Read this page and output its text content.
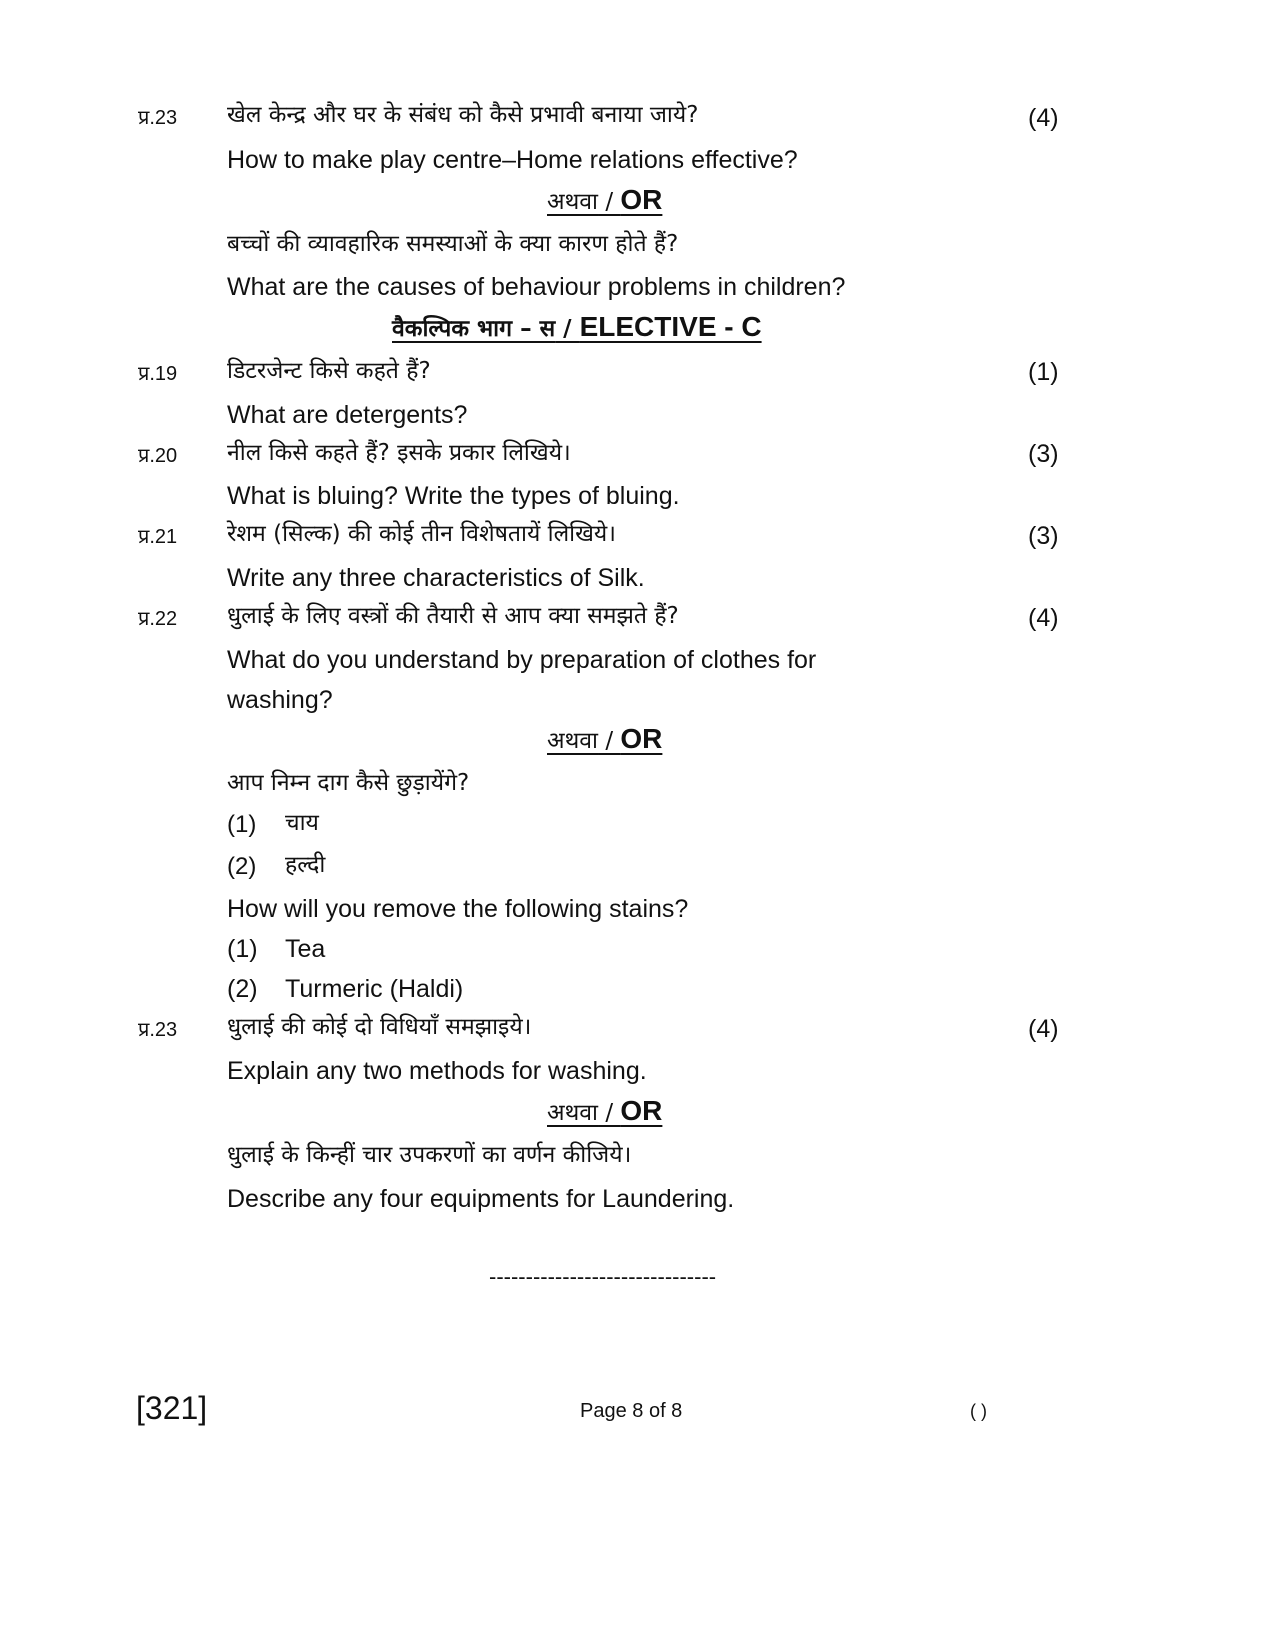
प्र.23 खेल केन्द्र और घर के संबंध को कैसे प्रभावी बनाया जाये?	(4)
How to make play centre–Home relations effective?
अथवा / OR
बच्चों की व्यावहारिक समस्याओं के क्या कारण होते हैं?
What are the causes of behaviour problems in children?
वैकल्पिक भाग – स / ELECTIVE - C
प्र.19 डिटरजेन्ट किसे कहते हैं?	(1)
What are detergents?
प्र.20 नील किसे कहते हैं? इसके प्रकार लिखिये।	(3)
What is bluing? Write the types of bluing.
प्र.21 रेशम (सिल्क) की कोई तीन विशेषतायें लिखिये।	(3)
Write any three characteristics of Silk.
प्र.22 धुलाई के लिए वस्त्रों की तैयारी से आप क्या समझते हैं?	(4)
What do you understand by preparation of clothes for
washing?
अथवा / OR
आप निम्न दाग कैसे छुड़ायेंगे?
(1) चाय
(2) हल्दी
How will you remove the following stains?
(1) Tea
(2) Turmeric (Haldi)
प्र.23 धुलाई की कोई दो विधियाँ समझाइये।	(4)
Explain any two methods for washing.
अथवा / OR
धुलाई के किन्हीं चार उपकरणों का वर्णन कीजिये।
Describe any four equipments for Laundering.
-------------------------------
[321]	Page 8 of 8	( )
